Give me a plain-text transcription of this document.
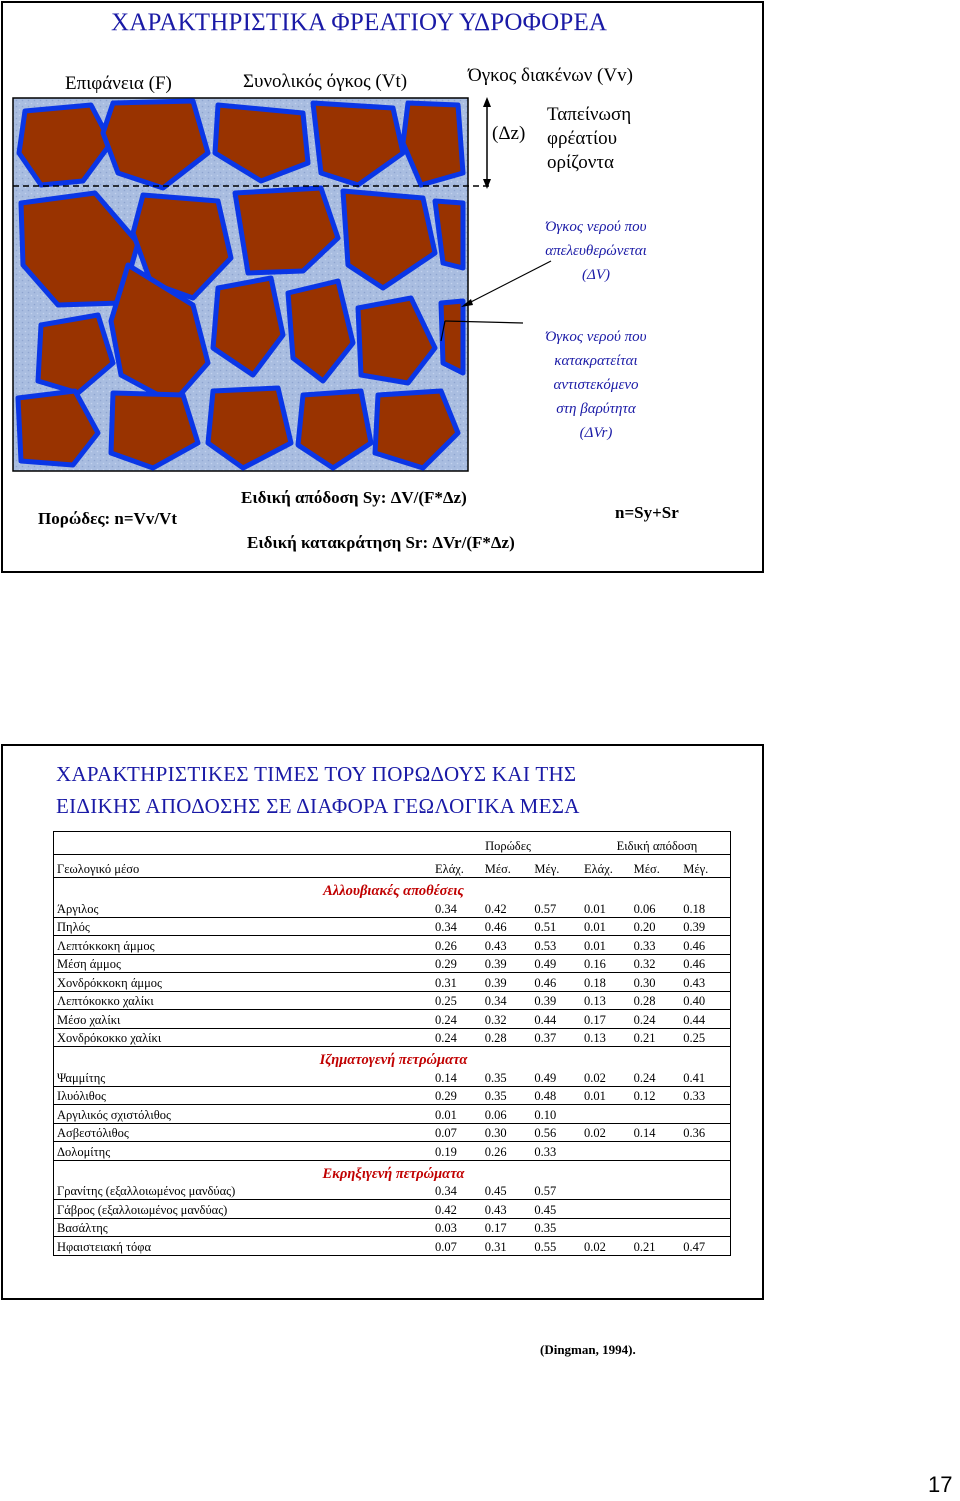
ΧΑΡΑΚΤΗΡΙΣΤΙΚΑ ΦΡΕΑΤΙΟΥ ΥΔΡΟΦΟΡΕΑ
Επιφάνεια (F)	Συνολικός όγκος (Vt)	Όγκος διακένων (Vv)
(Δz)
Ταπείνωση
φρέατίου
ορίζοντα
Όγκος νερού που
απελευθερώνεται
(ΔV)
Όγκος νερού που
κατακρατείται
αντιστεκόμενο
στη βαρύτητα
(ΔVr)
Πορώδες: n=Vv/Vt
Ειδική απόδοση Sy: ΔV/(F*Δz)
Ειδική κατακράτηση Sr: ΔVr/(F*Δz)
n=Sy+Sr
ΧΑΡΑΚΤΗΡΙΣΤΙΚΕΣ ΤΙΜΕΣ ΤΟΥ ΠΟΡΩΔΟΥΣ ΚΑΙ ΤΗΣ
ΕΙΔΙΚΗΣ ΑΠΟΔΟΣΗΣ ΣΕ ΔΙΑΦΟΡΑ ΓΕΩΛΟΓΙΚΑ ΜΕΣΑ
	Πορώδες			Ειδική απόδοση		
Γεωλογικό μέσο	Ελάχ.	Μέσ.	Μέγ.	Ελάχ.	Μέσ.	Μέγ.
Αλλουβιακές αποθέσεις						
Άργιλος	0.34	0.42	0.57	0.01	0.06	0.18
Πηλός	0.34	0.46	0.51	0.01	0.20	0.39
Λεπτόκκοκη άμμος	0.26	0.43	0.53	0.01	0.33	0.46
Μέση άμμος	0.29	0.39	0.49	0.16	0.32	0.46
Χονδρόκκοκη άμμος	0.31	0.39	0.46	0.18	0.30	0.43
Λεπτόκοκκο χαλίκι	0.25	0.34	0.39	0.13	0.28	0.40
Μέσο χαλίκι	0.24	0.32	0.44	0.17	0.24	0.44
Χονδρόκοκκο χαλίκι	0.24	0.28	0.37	0.13	0.21	0.25
Ιζηματογενή πετρώματα						
Ψαμμίτης	0.14	0.35	0.49	0.02	0.24	0.41
Ιλυόλιθος	0.29	0.35	0.48	0.01	0.12	0.33
Αργιλικός σχιστόλιθος	0.01	0.06	0.10			
Ασβεστόλιθος	0.07	0.30	0.56	0.02	0.14	0.36
Δολομίτης	0.19	0.26	0.33			
Εκρηξιγενή πετρώματα						
Γρανίτης (εξαλλοιωμένος μανδύας)	0.34	0.45	0.57			
Γάβρος (εξαλλοιωμένος μανδύας)	0.42	0.43	0.45			
Βασάλτης	0.03	0.17	0.35			
Ηφαιστειακή τόφα	0.07	0.31	0.55	0.02	0.21	0.47
(Dingman, 1994).
17
